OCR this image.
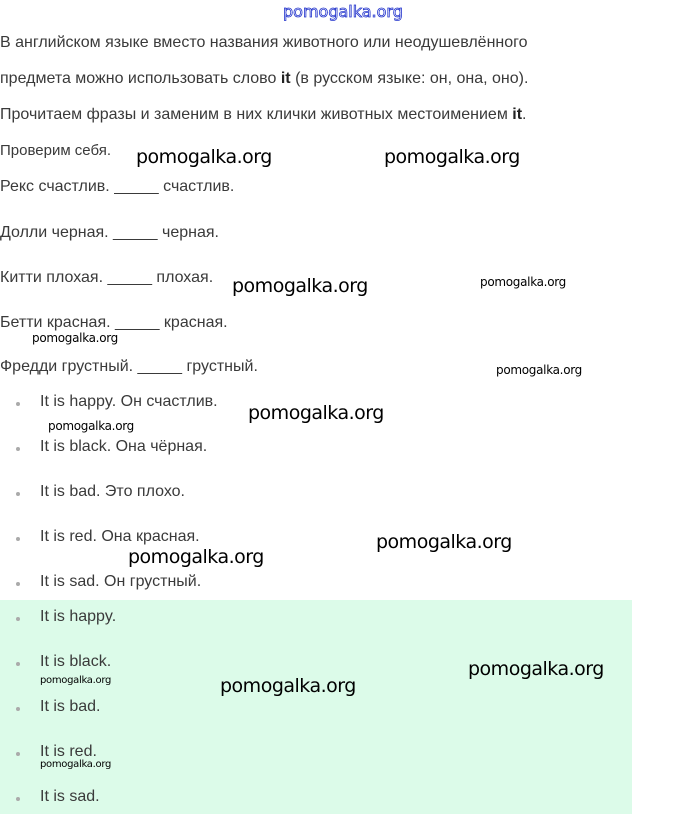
pomogalka.org
В английском языке вместо названия животного или неодушевлённого
предмета можно использовать слово it (в русском языке: он, она, оно).
Прочитаем фразы и заменим в них клички животных местоимением it.
Проверим себя.
Рекс счастлив. _____ счастлив.
Долли черная. _____ черная.
Китти плохая. _____ плохая.
Бетти красная. _____ красная.
Фредди грустный. _____ грустный.
It is happy. Он счастлив.
It is black. Она чёрная.
It is bad. Это плохо.
It is red. Она красная.
It is sad. Он грустный.
It is happy.
It is black.
It is bad.
It is red.
It is sad.
pomogalka.org	pomogalka.org
pomogalka.org	pomogalka.org
pomogalka.org
pomogalka.org
pomogalka.org
pomogalka.org
pomogalka.org
pomogalka.org
pomogalka.org
pomogalka.org
pomogalka.org
pomogalka.org
